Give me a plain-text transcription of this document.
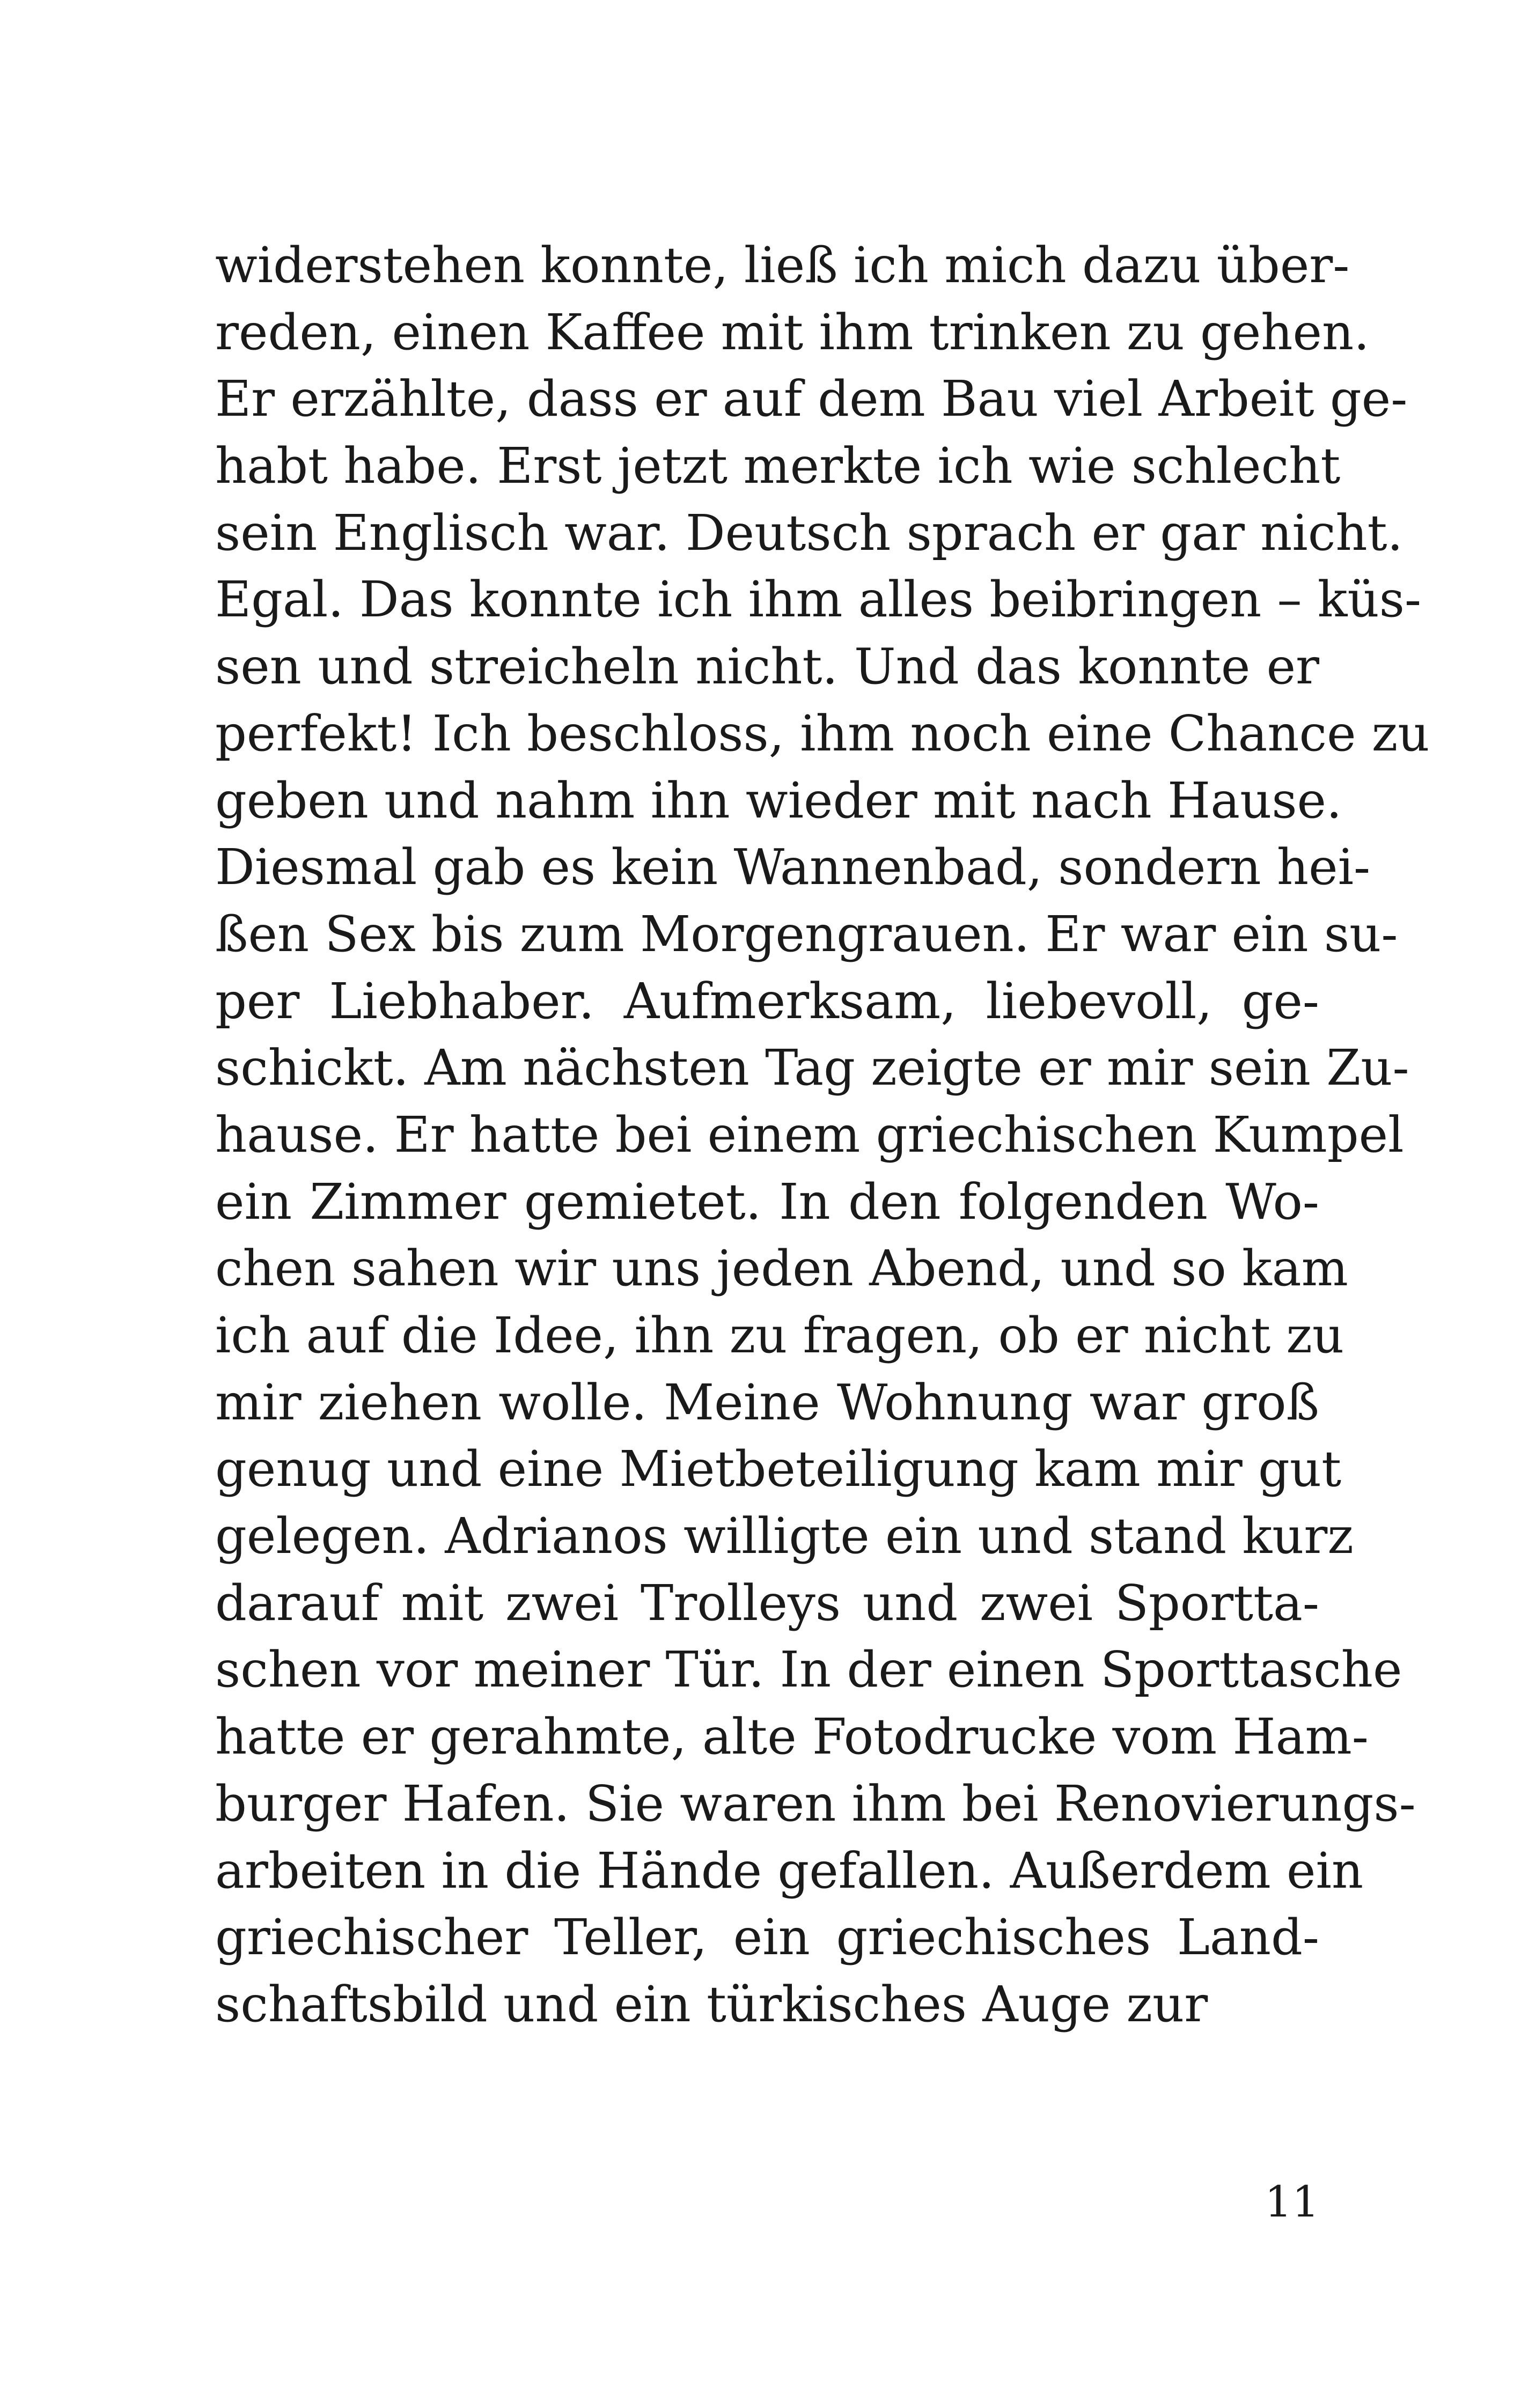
widerstehen konnte, ließ ich mich dazu über-
reden, einen Kaffee mit ihm trinken zu gehen.
Er erzählte, dass er auf dem Bau viel Arbeit ge-
habt habe. Erst jetzt merkte ich wie schlecht
sein Englisch war. Deutsch sprach er gar nicht.
Egal. Das konnte ich ihm alles beibringen – küs-
sen und streicheln nicht. Und das konnte er
perfekt! Ich beschloss, ihm noch eine Chance zu
geben und nahm ihn wieder mit nach Hause.
Diesmal gab es kein Wannenbad, sondern hei-
ßen Sex bis zum Morgengrauen. Er war ein su-
per Liebhaber. Aufmerksam, liebevoll, ge-
schickt. Am nächsten Tag zeigte er mir sein Zu-
hause. Er hatte bei einem griechischen Kumpel
ein Zimmer gemietet. In den folgenden Wo-
chen sahen wir uns jeden Abend, und so kam
ich auf die Idee, ihn zu fragen, ob er nicht zu
mir ziehen wolle. Meine Wohnung war groß
genug und eine Mietbeteiligung kam mir gut
gelegen. Adrianos willigte ein und stand kurz
darauf mit zwei Trolleys und zwei Sportta-
schen vor meiner Tür. In der einen Sporttasche
hatte er gerahmte, alte Fotodrucke vom Ham-
burger Hafen. Sie waren ihm bei Renovierungs-
arbeiten in die Hände gefallen. Außerdem ein
griechischer Teller, ein griechisches Land-
schaftsbild und ein türkisches Auge zur
11
